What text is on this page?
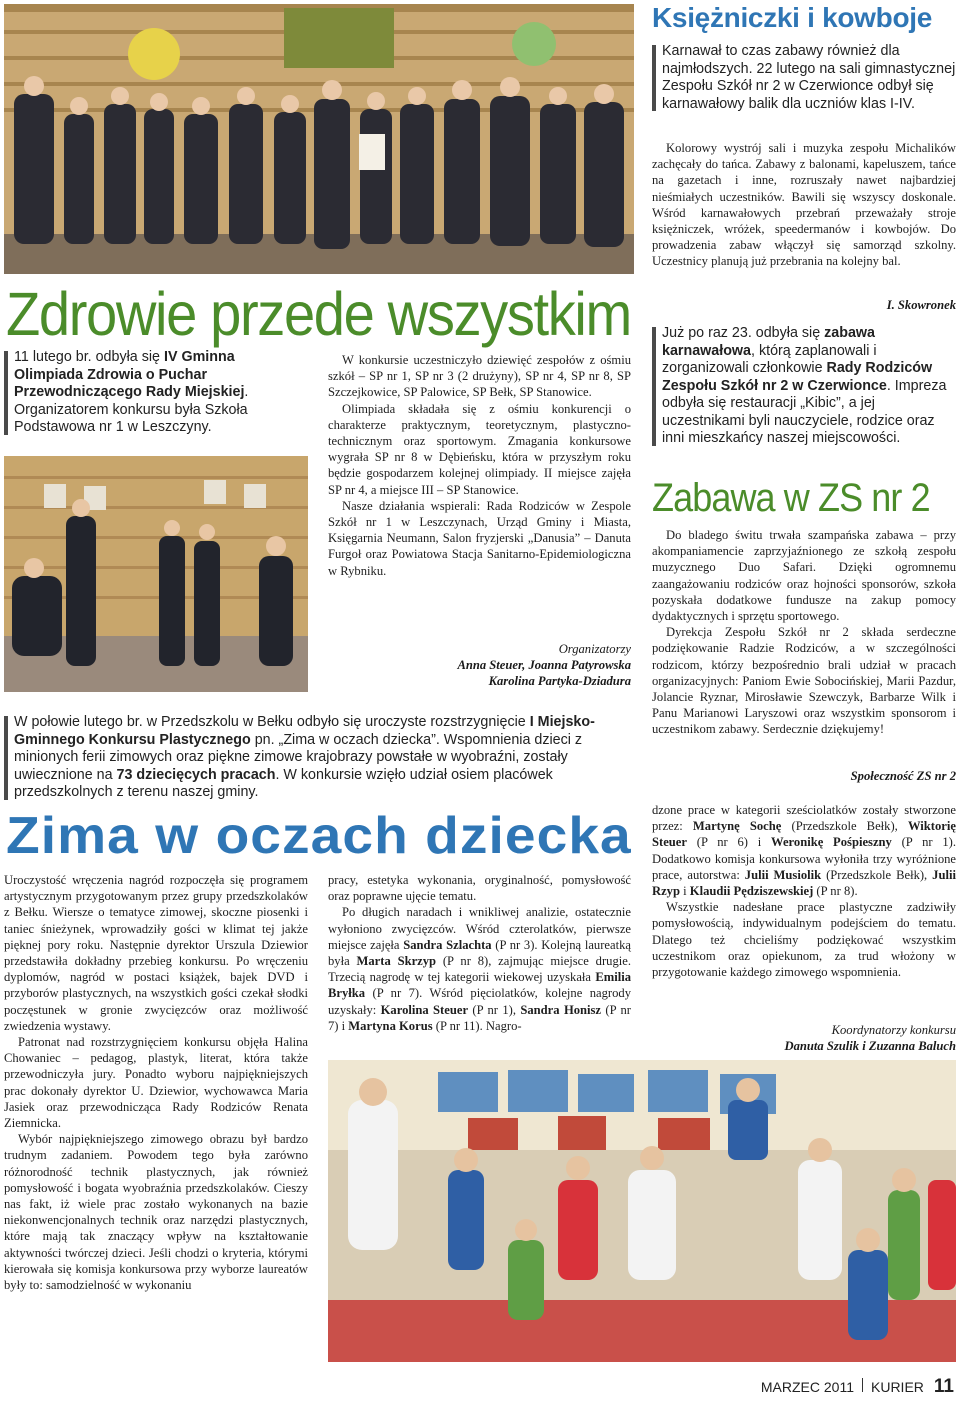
Zdrowie przede wszystkim
11 lutego br. odbyła się IV Gminna Olimpiada Zdrowia o Puchar Przewodniczącego Rady Miejskiej. Organizatorem konkursu była Szkoła Podstawowa nr 1 w Leszczyny.

W konkursie uczestniczyło dziewięć zespołów z ośmiu szkół – SP nr 1, SP nr 3 (2 drużyny), SP nr 4, SP nr 8, SP Szczejkowice, SP Palowice, SP Bełk, SP Stanowice.

Olimpiada składała się z ośmiu konkurencji o charakterze praktycznym, teoretycznym, plastyczno-technicznym oraz sportowym. Zmagania konkursowe wygrała SP nr 8 w Dębieńsku, która w przyszłym roku będzie gospodarzem kolejnej olimpiady. II miejsce zajęła SP nr 4, a miejsce III – SP Stanowice.

Nasze działania wspierali: Rada Rodziców w Zespole Szkół nr 1 w Leszczynach, Urząd Gminy i Miasta, Księgarnia Neumann, Salon fryzjerski „Danusia” – Danuta Furgoł oraz Powiatowa Stacja Sanitarno-Epidemiologiczna w Rybniku.

Organizatorzy
Anna Steuer, Joanna Patyrowska
Karolina Partyka-Dziadura
W połowie lutego br. w Przedszkolu w Bełku odbyło się uroczyste rozstrzygnięcie I Miejsko-Gminnego Konkursu Plastycznego pn. „Zima w oczach dziecka”. Wspomnienia dzieci z minionych ferii zimowych oraz piękne zimowe krajobrazy powstałe w wyobraźni, zostały uwiecznione na 73 dziecięcych pracach. W konkursie wzięło udział osiem placówek przedszkolnych z terenu naszej gminy.
Zima w oczach dziecka

Uroczystość wręczenia nagród rozpoczęła się programem artystycznym przygotowanym przez grupy przedszkolaków z Bełku. Wiersze o tematyce zimowej, skoczne piosenki i taniec śnieżynek, wprowadziły gości w klimat tej jakże pięknej pory roku. Następnie dyrektor Urszula Dziewior przedstawiła dokładny przebieg konkursu. Po wręczeniu dyplomów, nagród w postaci książek, bajek DVD i przyborów plastycznych, na wszystkich gości czekał słodki poczęstunek w gronie zwycięzców oraz możliwość zwiedzenia wystawy.

Patronat nad rozstrzygnięciem konkursu objęła Halina Chowaniec – pedagog, plastyk, literat, która także przewodniczyła jury. Ponadto wyboru najpiękniejszych prac dokonały dyrektor U. Dziewior, wychowawca Maria Jasiek oraz przewodnicząca Rady Rodziców Renata Ziemnicka.

Wybór najpiękniejszego zimowego obrazu był bardzo trudnym zadaniem. Powodem tego była zarówno różnorodność technik plastycznych, jak również pomysłowość i bogata wyobraźnia przedszkolaków. Cieszy nas fakt, iż wiele prac zostało wykonanych na bazie niekonwencjonalnych technik oraz narzędzi plastycznych, które mają tak znaczący wpływ na kształtowanie aktywności twórczej dzieci. Jeśli chodzi o kryteria, którymi kierowała się komisja konkursowa przy wyborze laureatów były to: samodzielność w wykonaniu

pracy, estetyka wykonania, oryginalność, pomysłowość oraz poprawne ujęcie tematu.

Po długich naradach i wnikliwej analizie, ostatecznie wyłoniono zwycięzców. Wśród czterolatków, pierwsze miejsce zajęła Sandra Szlachta (P nr 3). Kolejną laureatką była Marta Skrzyp (P nr 8), zajmując miejsce drugie. Trzecią nagrodę w tej kategorii wiekowej uzyskała Emilia Bryłka (P nr 7). Wśród pięciolatków, kolejne nagrody uzyskały: Karolina Steuer (P nr 1), Sandra Honisz (P nr 7) i Martyna Korus (P nr 11). Nagro-

dzone prace w kategorii sześciolatków zostały stworzone przez: Martynę Sochę (Przedszkole Bełk), Wiktorię Steuer (P nr 6) i Weronikę Pośpieszny (P nr 1). Dodatkowo komisja konkursowa wyłoniła trzy wyróżnione prace, autorstwa: Julii Musiolik (Przedszkole Bełk), Julii Rzyp i Klaudii Pędziszewskiej (P nr 8).

Wszystkie nadesłane prace plastyczne zadziwiły pomysłowością, indywidualnym podejściem do tematu. Dlatego też chcieliśmy podziękować wszystkim uczestnikom oraz opiekunom, za trud włożony w przygotowanie każdego zimowego wspomnienia.

Koordynatorzy konkursu
Danuta Szulik i Zuzanna Baluch
Księżniczki i kowboje
Karnawał to czas zabawy również dla najmłodszych. 22 lutego na sali gimnastycznej Zespołu Szkół nr 2 w Czerwionce odbył się karnawałowy balik dla uczniów klas I-IV.

Kolorowy wystrój sali i muzyka zespołu Michalików zachęcały do tańca. Zabawy z balonami, kapeluszem, tańce na gazetach i inne, rozruszały nawet najbardziej nieśmiałych uczestników. Bawili się wszyscy doskonale. Wśród karnawałowych przebrań przeważały stroje księżniczek, wróżek, speedermanów i kowbojów. Do prowadzenia zabaw włączył się samorząd szkolny. Uczestnicy planują już przebrania na kolejny bal.

I. Skowronek
Już po raz 23. odbyła się zabawa karnawałowa, którą zaplanowali i zorganizowali członkowie Rady Rodziców Zespołu Szkół nr 2 w Czerwionce. Impreza odbyła się restauracji „Kibic”, a jej uczestnikami byli nauczyciele, rodzice oraz inni mieszkańcy naszej miejscowości.
Zabawa w ZS nr 2

Do bladego świtu trwała szampańska zabawa – przy akompaniamencie zaprzyjaźnionego ze szkołą zespołu muzycznego Duo Safari. Dzięki ogromnemu zaangażowaniu rodziców oraz hojności sponsorów, szkoła pozyskała dodatkowe fundusze na zakup pomocy dydaktycznych i sprzętu sportowego.

Dyrekcja Zespołu Szkół nr 2 składa serdeczne podziękowanie Radzie Rodziców, a w szczególności rodzicom, którzy bezpośrednio brali udział w pracach organizacyjnych: Paniom Ewie Sobocińskiej, Marii Pazdur, Jolancie Ryznar, Mirosławie Szewczyk, Barbarze Wilk i Panu Marianowi Laryszowi oraz wszystkim sponsorom i uczestnikom zabawy. Serdecznie dziękujemy!

Społeczność ZS nr 2
MARZEC 2011 KURIER 11
